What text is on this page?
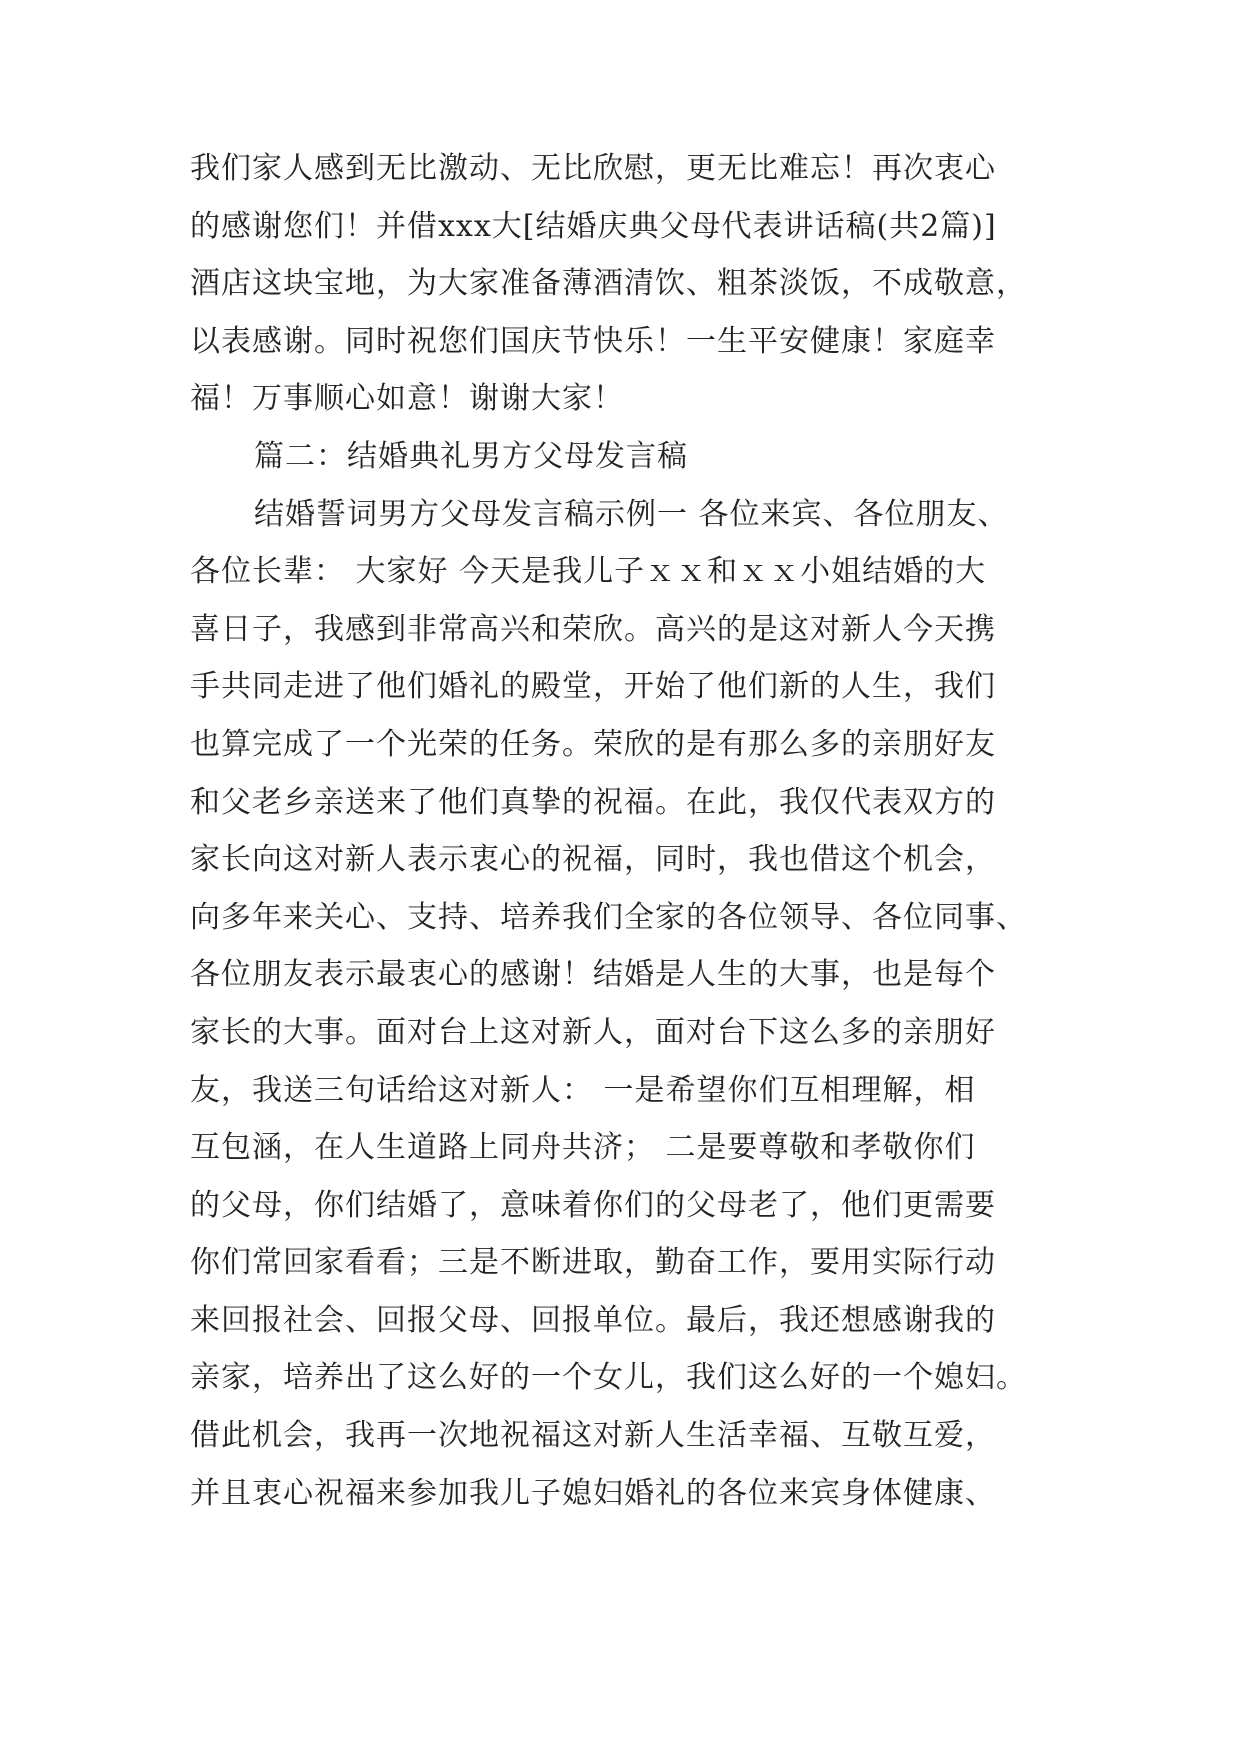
我们家人感到无比激动、无比欣慰，更无比难忘！再次衷心
的感谢您们！并借xxx大[结婚庆典父母代表讲话稿(共2篇)]
酒店这块宝地，为大家准备薄酒清饮、粗茶淡饭，不成敬意，
以表感谢。同时祝您们国庆节快乐！一生平安健康！家庭幸
福！万事顺心如意！谢谢大家！
篇二：结婚典礼男方父母发言稿
结婚誓词男方父母发言稿示例一 各位来宾、各位朋友、
各位长辈： 大家好 今天是我儿子ｘｘ和ｘｘ小姐结婚的大
喜日子，我感到非常高兴和荣欣。高兴的是这对新人今天携
手共同走进了他们婚礼的殿堂，开始了他们新的人生，我们
也算完成了一个光荣的任务。荣欣的是有那么多的亲朋好友
和父老乡亲送来了他们真挚的祝福。在此，我仅代表双方的
家长向这对新人表示衷心的祝福，同时，我也借这个机会，
向多年来关心、支持、培养我们全家的各位领导、各位同事、
各位朋友表示最衷心的感谢！结婚是人生的大事，也是每个
家长的大事。面对台上这对新人，面对台下这么多的亲朋好
友，我送三句话给这对新人： 一是希望你们互相理解，相
互包涵，在人生道路上同舟共济； 二是要尊敬和孝敬你们
的父母，你们结婚了，意味着你们的父母老了，他们更需要
你们常回家看看；三是不断进取，勤奋工作，要用实际行动
来回报社会、回报父母、回报单位。最后，我还想感谢我的
亲家，培养出了这么好的一个女儿，我们这么好的一个媳妇。
借此机会，我再一次地祝福这对新人生活幸福、互敬互爱，
并且衷心祝福来参加我儿子媳妇婚礼的各位来宾身体健康、
